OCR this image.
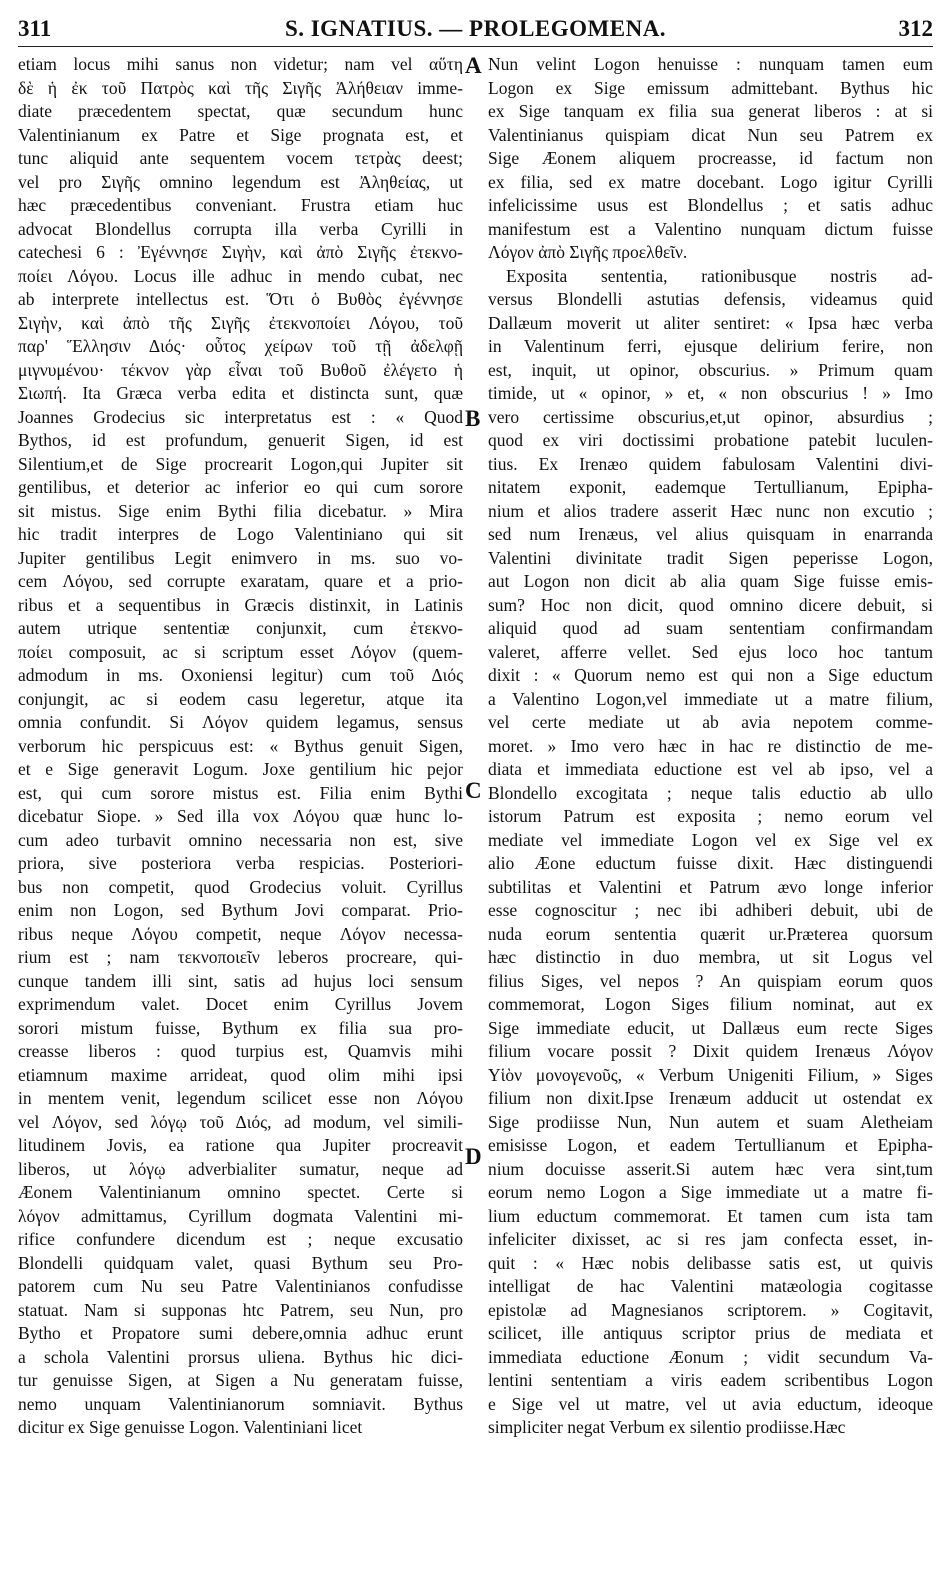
311	S. IGNATIUS. — PROLEGOMENA.	312
etiam locus mihi sanus non videtur; nam vel αὕτη
δὲ ἡ ἐκ τοῦ Πατρὸς καὶ τῆς Σιγῆς Ἀλήθειαν imme-
diate præcedentem spectat, quæ secundum hunc
Valentinianum ex Patre et Sige prognata est, et
tunc aliquid ante sequentem vocem τετρὰς deest;
vel pro Σιγῆς omnino legendum est Ἀληθείας, ut
hæc præcedentibus conveniant. Frustra etiam huc
advocat Blondellus corrupta illa verba Cyrilli in
catechesi 6 : Ἐγέννησε Σιγὴν, καὶ ἀπὸ Σιγῆς ἐτεκνο-
ποίει Λόγου. Locus ille adhuc in mendo cubat, nec
ab interprete intellectus est. Ὅτι ὁ Βυθὸς ἐγέννησε
Σιγὴν, καὶ ἀπὸ τῆς Σιγῆς ἐτεκνοποίει Λόγου, τοῦ
παρ' Ἕλλησιν Διός· οὗτος χείρων τοῦ τῇ ἀδελφῇ
μιγνυμένου· τέκνον γὰρ εἶναι τοῦ Βυθοῦ ἐλέγετο ἡ
Σιωπή. Ita Græca verba edita et distincta sunt, quæ
Joannes Grodecius sic interpretatus est : « Quod
Bythos, id est profundum, genuerit Sigen, id est
Silentium,et de Sige procrearit Logon,qui Jupiter sit
gentilibus, et deterior ac inferior eo qui cum sorore
sit mistus. Sige enim Bythi filia dicebatur. » Mira
hic tradit interpres de Logo Valentiniano qui sit
Jupiter gentilibus Legit enimvero in ms. suo vo-
cem Λόγου, sed corrupte exaratam, quare et a prio-
ribus et a sequentibus in Græcis distinxit, in Latinis
autem utrique sententiæ conjunxit, cum ἐτεκνο-
ποίει composuit, ac si scriptum esset Λόγον (quem-
admodum in ms. Oxoniensi legitur) cum τοῦ Διός
conjungit, ac si eodem casu legeretur, atque ita
omnia confundit. Si Λόγον quidem legamus, sensus
verborum hic perspicuus est: « Bythus genuit Sigen,
et e Sige generavit Logum. Joxe gentilium hic pejor
est, qui cum sorore mistus est. Filia enim Bythi
dicebatur Siope. » Sed illa vox Λόγου quæ hunc lo-
cum adeo turbavit omnino necessaria non est, sive
priora, sive posteriora verba respicias. Posteriori-
bus non competit, quod Grodecius voluit. Cyrillus
enim non Logon, sed Bythum Jovi comparat. Prio-
ribus neque Λόγου competit, neque Λόγον necessa-
rium est ; nam τεκνοποιεῖν leberos procreare, qui-
cunque tandem illi sint, satis ad hujus loci sensum
exprimendum valet. Docet enim Cyrillus Jovem
sorori mistum fuisse, Bythum ex filia sua pro-
creasse liberos : quod turpius est, Quamvis mihi
etiamnum maxime arrideat, quod olim mihi ipsi
in mentem venit, legendum scilicet esse non Λόγου
vel Λόγον, sed λόγῳ τοῦ Διός, ad modum, vel simili-
litudinem Jovis, ea ratione qua Jupiter procreavit
liberos, ut λόγῳ adverbialiter sumatur, neque ad
Æonem Valentinianum omnino spectet. Certe si
λόγον admittamus, Cyrillum dogmata Valentini mi-
rifice confundere dicendum est ; neque excusatio
Blondelli quidquam valet, quasi Bythum seu Pro-
patorem cum Nu seu Patre Valentinianos confudisse
statuat. Nam si supponas htc Patrem, seu Nun, pro
Bytho et Propatore sumi debere,omnia adhuc erunt
a schola Valentini prorsus uliena. Bythus hic dici-
tur genuisse Sigen, at Sigen a Nu generatam fuisse,
nemo unquam Valentinianorum somniavit. Bythus
dicitur ex Sige genuisse Logon. Valentiniani licet
Nun velint Logon henuisse : nunquam tamen eum
Logon ex Sige emissum admittebant. Bythus hic
ex Sige tanquam ex filia sua generat liberos : at si
Valentinianus quispiam dicat Nun seu Patrem ex
Sige Æonem aliquem procreasse, id factum non
ex filia, sed ex matre docebant. Logo igitur Cyrilli
infelicissime usus est Blondellus ; et satis adhuc
manifestum est a Valentino nunquam dictum fuisse
Λόγον ἀπὸ Σιγῆς προελθεῖν.
Exposita sententia, rationibusque nostris ad-
versus Blondelli astutias defensis, videamus quid
Dallæum moverit ut aliter sentiret: « Ipsa hæc verba
in Valentinum ferri, ejusque delirium ferire, non
est, inquit, ut opinor, obscurius. » Primum quam
timide, ut « opinor, » et, « non obscurius ! » Imo
vero certissime obscurius,et,ut opinor, absurdius ;
quod ex viri doctissimi probatione patebit luculen-
tius. Ex Irenæo quidem fabulosam Valentini divi-
nitatem exponit, eademque Tertullianum, Epipha-
nium et alios tradere asserit Hæc nunc non excutio ;
sed num Irenæus, vel alius quisquam in enarranda
Valentini divinitate tradit Sigen peperisse Logon,
aut Logon non dicit ab alia quam Sige fuisse emis-
sum? Hoc non dicit, quod omnino dicere debuit, si
aliquid quod ad suam sententiam confirmandam
valeret, afferre vellet. Sed ejus loco hoc tantum
dixit : « Quorum nemo est qui non a Sige eductum
a Valentino Logon,vel immediate ut a matre filium,
vel certe mediate ut ab avia nepotem comme-
moret. » Imo vero hæc in hac re distinctio de me-
diata et immediata eductione est vel ab ipso, vel a
Blondello excogitata ; neque talis eductio ab ullo
istorum Patrum est exposita ; nemo eorum vel
mediate vel immediate Logon vel ex Sige vel ex
alio Æone eductum fuisse dixit. Hæc distinguendi
subtilitas et Valentini et Patrum ævo longe inferior
esse cognoscitur ; nec ibi adhiberi debuit, ubi de
nuda eorum sententia quærit ur.Præterea quorsum
hæc distinctio in duo membra, ut sit Logus vel
filius Siges, vel nepos ? An quispiam eorum quos
commemorat, Logon Siges filium nominat, aut ex
Sige immediate educit, ut Dallæus eum recte Siges
filium vocare possit ? Dixit quidem Irenæus Λόγον
Υἱὸν μονογενοῦς, « Verbum Unigeniti Filium, » Siges
filium non dixit.Ipse Irenæum adducit ut ostendat ex
Sige prodiisse Nun, Nun autem et suam Aletheiam
emisisse Logon, et eadem Tertullianum et Epipha-
nium docuisse asserit.Si autem hæc vera sint,tum
eorum nemo Logon a Sige immediate ut a matre fi-
lium eductum commemorat. Et tamen cum ista tam
infeliciter dixisset, ac si res jam confecta esset, in-
quit : « Hæc nobis delibasse satis est, ut quivis
intelligat de hac Valentini matæologia cogitasse
epistolæ ad Magnesianos scriptorem. » Cogitavit,
scilicet, ille antiquus scriptor prius de mediata et
immediata eductione Æonum ; vidit secundum Va-
lentini sententiam a viris eadem scribentibus Logon
e Sige vel ut matre, vel ut avia eductum, ideoque
simpliciter negat Verbum ex silentio prodiisse.Hæc
A
B
C
D
